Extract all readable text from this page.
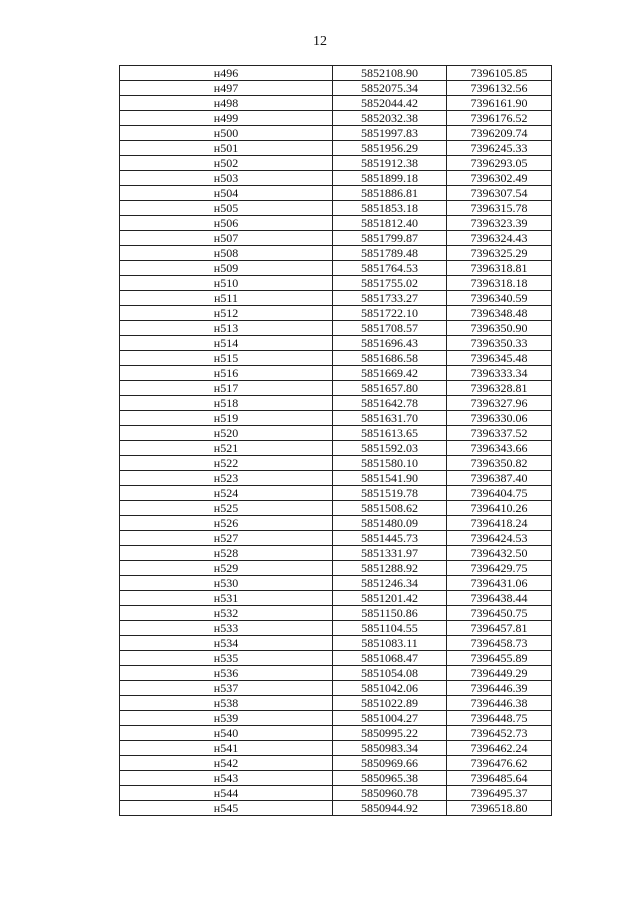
12
н496	5852108.90	7396105.85
н497	5852075.34	7396132.56
н498	5852044.42	7396161.90
н499	5852032.38	7396176.52
н500	5851997.83	7396209.74
н501	5851956.29	7396245.33
н502	5851912.38	7396293.05
н503	5851899.18	7396302.49
н504	5851886.81	7396307.54
н505	5851853.18	7396315.78
н506	5851812.40	7396323.39
н507	5851799.87	7396324.43
н508	5851789.48	7396325.29
н509	5851764.53	7396318.81
н510	5851755.02	7396318.18
н511	5851733.27	7396340.59
н512	5851722.10	7396348.48
н513	5851708.57	7396350.90
н514	5851696.43	7396350.33
н515	5851686.58	7396345.48
н516	5851669.42	7396333.34
н517	5851657.80	7396328.81
н518	5851642.78	7396327.96
н519	5851631.70	7396330.06
н520	5851613.65	7396337.52
н521	5851592.03	7396343.66
н522	5851580.10	7396350.82
н523	5851541.90	7396387.40
н524	5851519.78	7396404.75
н525	5851508.62	7396410.26
н526	5851480.09	7396418.24
н527	5851445.73	7396424.53
н528	5851331.97	7396432.50
н529	5851288.92	7396429.75
н530	5851246.34	7396431.06
н531	5851201.42	7396438.44
н532	5851150.86	7396450.75
н533	5851104.55	7396457.81
н534	5851083.11	7396458.73
н535	5851068.47	7396455.89
н536	5851054.08	7396449.29
н537	5851042.06	7396446.39
н538	5851022.89	7396446.38
н539	5851004.27	7396448.75
н540	5850995.22	7396452.73
н541	5850983.34	7396462.24
н542	5850969.66	7396476.62
н543	5850965.38	7396485.64
н544	5850960.78	7396495.37
н545	5850944.92	7396518.80
